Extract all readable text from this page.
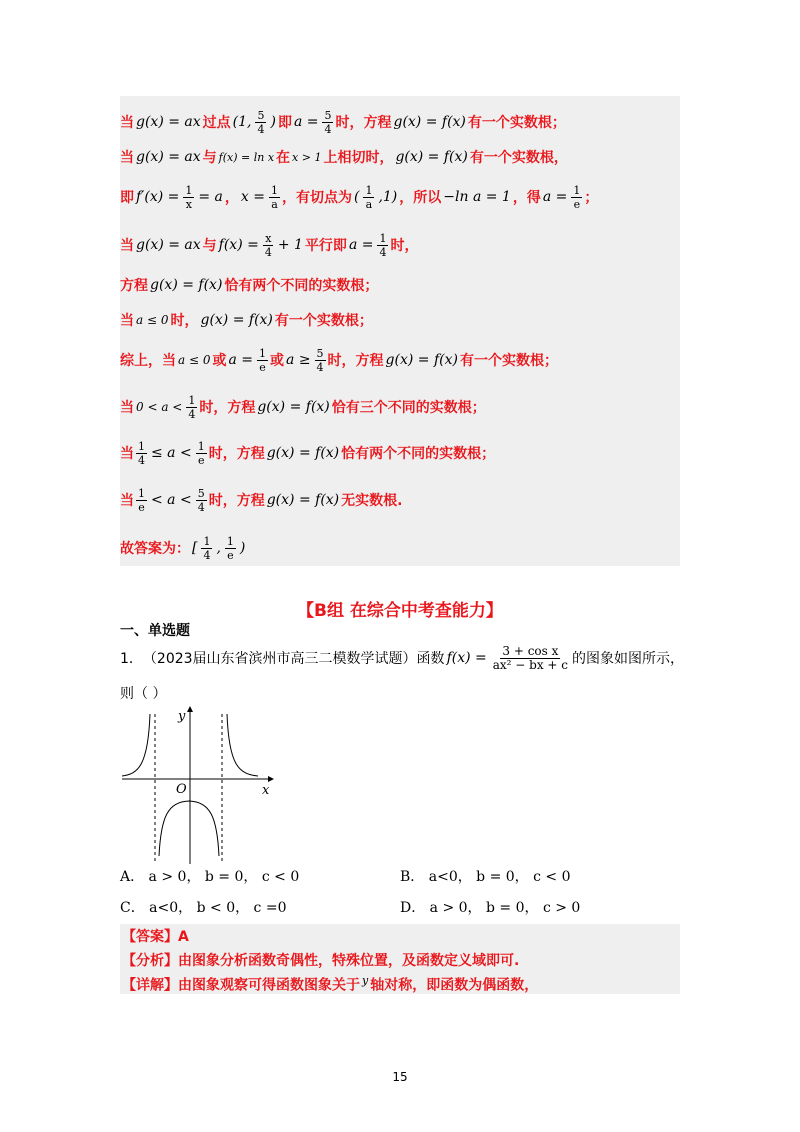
当 g(x) = ax 过点 (1, 5
4 ) 即 $a = \frac{5}{4}$ 时，方程 g(x) = f(x) 有一个实数根；
当 g(x) = ax 与 f(x) = ln x 在 x > 1 上相切时， g(x) = f(x) 有一个实数根，
即 $f'(x) = \frac{1}{x} = a$ ， $x = \frac{1}{a}$ ，有切点为 ( 1
a ,1) ，所以 −ln a = 1 ，得 $a = \frac{1}{e}$ ；
当 g(x) = ax 与 $f(x) = \frac{x}{4} + 1$ 平行即 $a = \frac{1}{4}$ 时，
方程 g(x) = f(x) 恰有两个不同的实数根；
当 a ≤ 0 时， g(x) = f(x) 有一个实数根；
综上，当 a ≤ 0 或 $a = \frac{1}{e}$ 或 $a \ge \frac{5}{4}$ 时，方程 g(x) = f(x) 有一个实数根；
当 0 < a < 1
4 时，方程 g(x) = f(x) 恰有三个不同的实数根；
当 $\frac{1}{4} \le a < 1$
e 时，方程 g(x) = f(x) 恰有两个不同的实数根；
当 1
e < a < 5
4 时，方程 g(x) = f(x) 无实数根.
故答案为： [ 1
4 , 1
e )
【B组 在综合中考查能力】
一、单选题
1． （2023届山东省滨州市高三二模数学试题）函数 $f(x) = \frac{\text{3 + cos x}}{\text{ax² − bx + c}}$ 的图象如图所示，
则（ ）
y
x
O
A． a > 0， b = 0， c < 0	B． a<0， b = 0， c < 0
C． a<0， b < 0， c =0	D． a > 0， b = 0， c > 0
【答案】A
【分析】由图象分析函数奇偶性，特殊位置，及函数定义域即可.
【详解】由图象观察可得函数图象关于 $^y$ 轴对称，即函数为偶函数，
15
